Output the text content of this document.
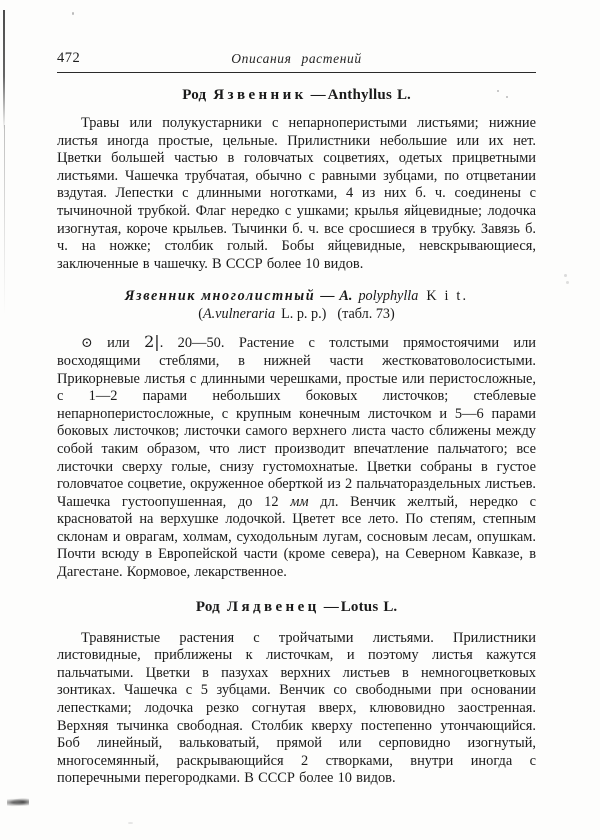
472	Описания растений
Род Язвенник — Anthyllus L.

Травы или полукустарники с непарноперистыми листьями; нижние листья иногда простые, цельные. Прилистники небольшие или их нет. Цветки большей частью в головчатых соцветиях, одетых прицветными листьями. Чашечка трубчатая, обычно с равными зубцами, по отцветании вздутая. Лепестки с длинными ноготками, 4 из них б. ч. соединены с тычиночной трубкой. Флаг нередко с ушками; крылья яйцевидные; лодочка изогнутая, короче крыльев. Тычинки б. ч. все сросшиеся в трубку. Завязь б. ч. на ножке; столбик голый. Бобы яйцевидные, невскрывающиеся, заключенные в чашечку. В СССР более 10 видов.

Язвенник многолистный — A. polyphylla K i t.

(A.vulneraria L. p. p.) (табл. 73)

⊙ или 2|. 20—50. Растение с толстыми прямостоячими или восходящими стеблями, в нижней части жестковатоволосистыми. Прикорневые листья с длинными черешками, простые или перистосложные, с 1—2 парами небольших боковых листочков; стеблевые непарноперистосложные, с крупным конечным листочком и 5—6 парами боковых листочков; листочки самого верхнего листа часто сближены между собой таким образом, что лист производит впечатление пальчатого; все листочки сверху голые, снизу густомохнатые. Цветки собраны в густое головчатое соцветие, окруженное оберткой из 2 пальчатораздельных листьев. Чашечка густоопушенная, до 12 мм дл. Венчик желтый, нередко с красноватой на верхушке лодочкой. Цветет все лето. По степям, степным склонам и оврагам, холмам, суходольным лугам, сосновым лесам, опушкам. Почти всюду в Европейской части (кроме севера), на Северном Кавказе, в Дагестане. Кормовое, лекарственное.

Род Лядвенец — Lotus L.

Травянистые растения с тройчатыми листьями. Прилистники листовидные, приближены к листочкам, и поэтому листья кажутся пальчатыми. Цветки в пазухах верхних листьев в немногоцветковых зонтиках. Чашечка с 5 зубцами. Венчик со свободными при основании лепестками; лодочка резко согнутая вверх, клювовидно заостренная. Верхняя тычинка свободная. Столбик кверху постепенно утончающийся. Боб линейный, вальковатый, прямой или серповидно изогнутый, многосемянный, раскрывающийся 2 створками, внутри иногда с поперечными перегородками. В СССР более 10 видов.
